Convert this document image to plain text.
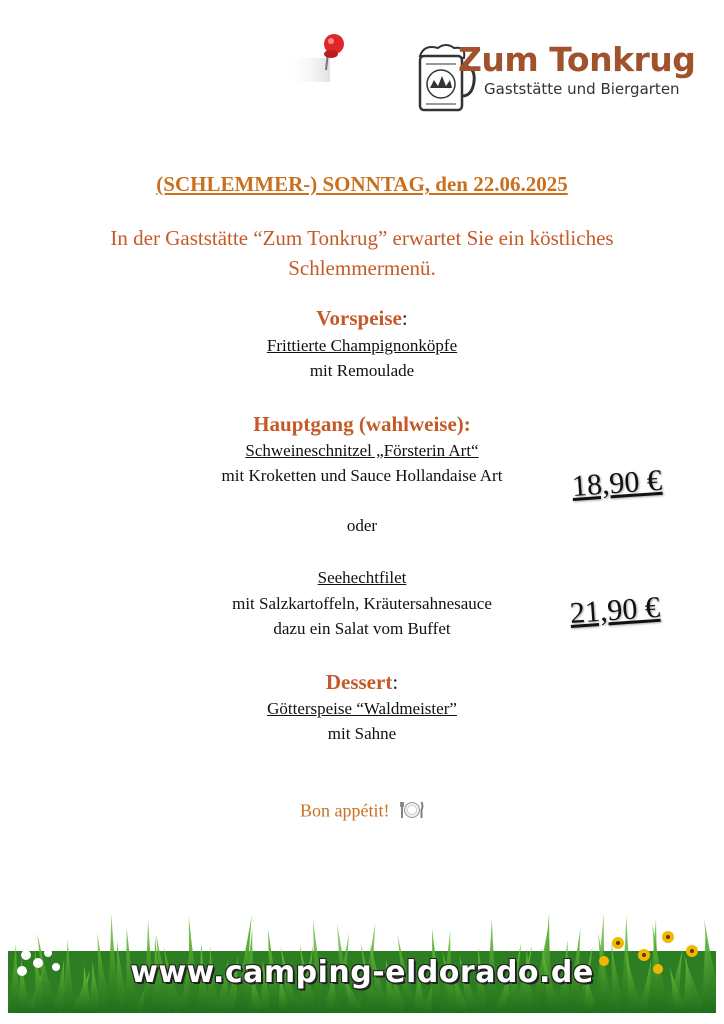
Zum Tonkrug
Gaststätte und Biergarten
(SCHLEMMER-) SONNTAG, den 22.06.2025
In der Gaststätte “Zum Tonkrug” erwartet Sie ein köstliches
Schlemmermenü.
Vorspeise:
Frittierte Champignonköpfe
mit Remoulade
Hauptgang (wahlweise):
Schweineschnitzel „Försterin Art“
mit Kroketten und Sauce Hollandaise Art	18,90 €
oder
Seehechtfilet
mit Salzkartoffeln, Kräutersahnesauce
dazu ein Salat vom Buffet	21,90 €
Dessert:
Götterspeise “Waldmeister”
mit Sahne
Bon appétit!
www.camping-eldorado.de
